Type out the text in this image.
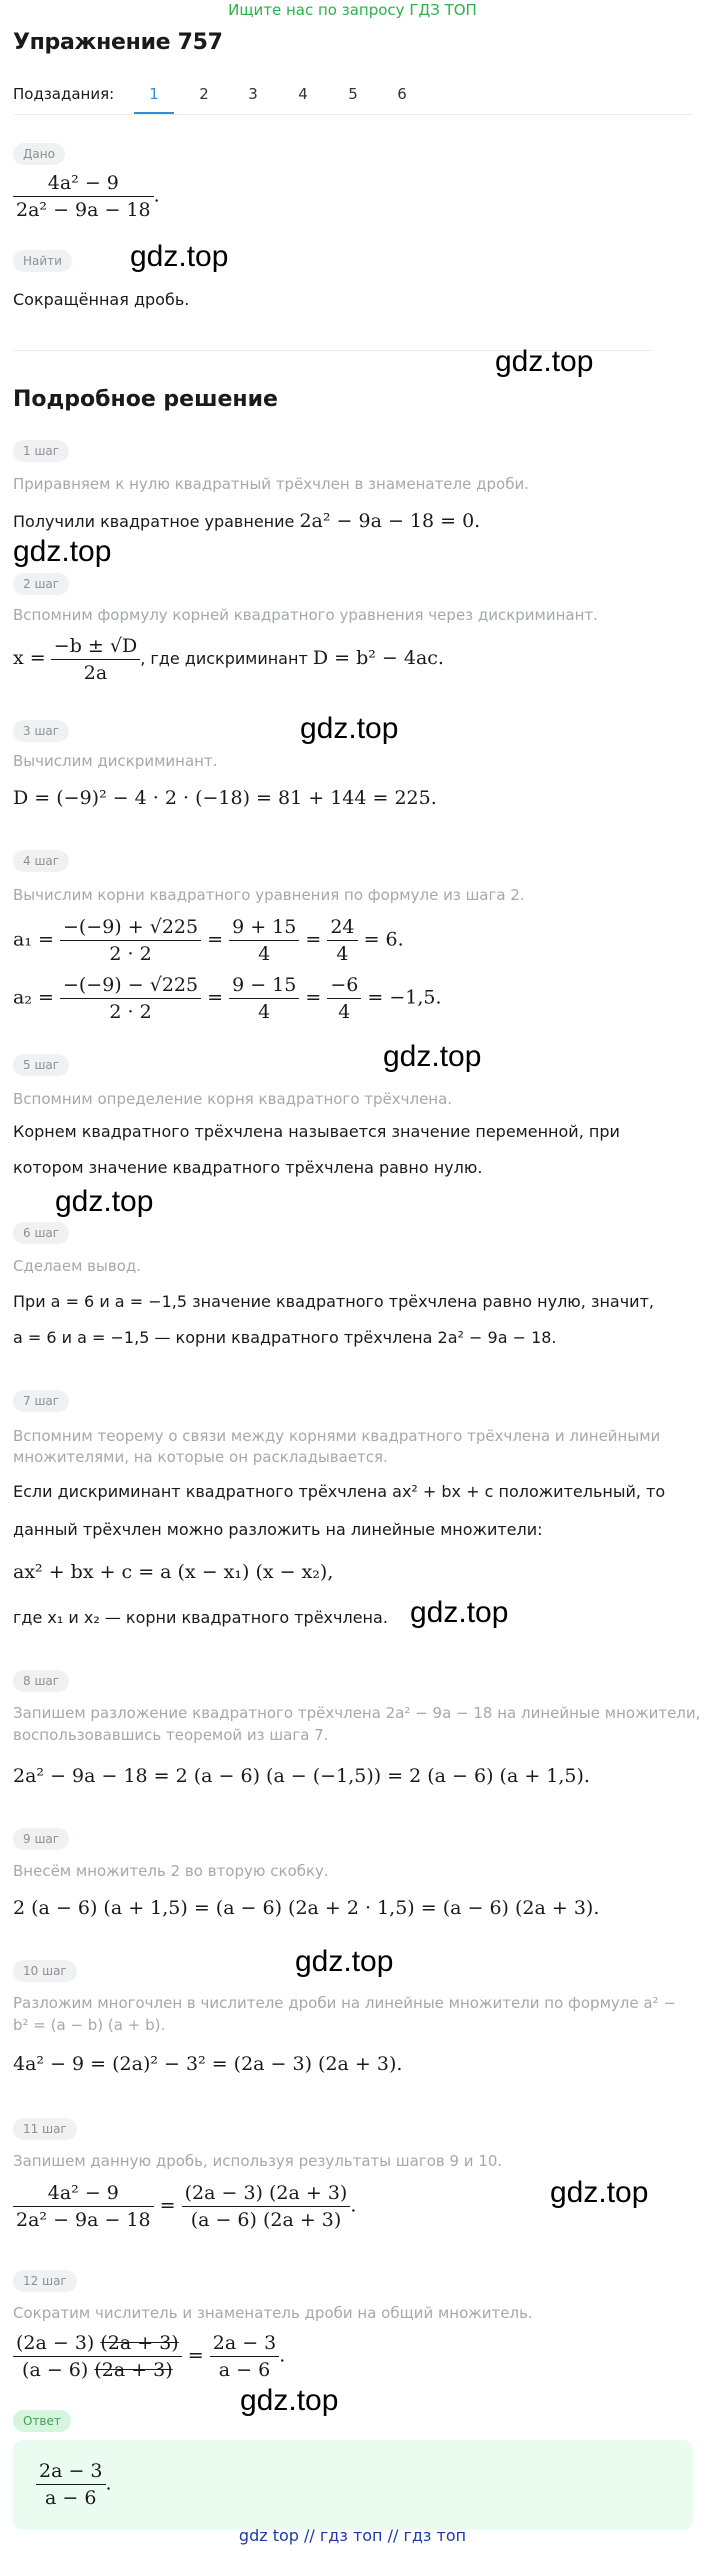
Ищите нас по запросу ГДЗ ТОП
Упражнение 757
Подзадания:	1	2	3	4	5	6
Дано
$\frac{\text{4a² − 9}}{\text{2a² − 9a − 18}}$ .
Найти	gdz.top
Сокращённая дробь.
gdz.top
Подробное решение
1 шаг
Приравняем к нулю квадратный трёхчлен в знаменателе дроби.
Получили квадратное уравнение 2a² − 9a − 18 = 0.
gdz.top
2 шаг
Вспомним формулу корней квадратного уравнения через дискриминант.
$x = \frac{-b \pm √D}{2a}$ , где дискриминант D = b² − 4ac.
3 шаг	gdz.top
Вычислим дискриминант.
D = (−9)² − 4 · 2 · (−18) = 81 + 144 = 225.
4 шаг
Вычислим корни квадратного уравнения по формуле из шага 2.
$a_1 = \frac{-(-9) + √225}{2 \cdot 2} = \frac{9 + 15}{4} = \frac{24}{4} = 6$.
$a_2 = \frac{-(-9) - √225}{2 \cdot 2} = \frac{9 - 15}{4} = \frac{-6}{4} = -1,5$.
5 шаг	gdz.top
Вспомним определение корня квадратного трёхчлена.
Корнем квадратного трёхчлена называется значение переменной, при
котором значение квадратного трёхчлена равно нулю.
gdz.top
6 шаг
Сделаем вывод.
При a = 6 и a = −1,5 значение квадратного трёхчлена равно нулю, значит,
a = 6 и a = −1,5 — корни квадратного трёхчлена 2a² − 9a − 18.
7 шаг
Вспомним теорему о связи между корнями квадратного трёхчлена и линейными
множителями, на которые он раскладывается.
Если дискриминант квадратного трёхчлена ax² + bx + c положительный, то
данный трёхчлен можно разложить на линейные множители:
ax² + bx + c = a (x − x₁) (x − x₂),
где x₁ и x₂ — корни квадратного трёхчлена. gdz.top
8 шаг
Запишем разложение квадратного трёхчлена 2a² − 9a − 18 на линейные множители,
воспользовавшись теоремой из шага 7.
2a² − 9a − 18 = 2 (a − 6) (a − (−1,5)) = 2 (a − 6) (a + 1,5).
9 шаг
Внесём множитель 2 во вторую скобку.
2 (a − 6) (a + 1,5) = (a − 6) (2a + 2 · 1,5) = (a − 6) (2a + 3).
gdz.top
10 шаг
Разложим многочлен в числителе дроби на линейные множители по формуле a² −
b² = (a − b) (a + b).
4a² − 9 = (2a)² − 3² = (2a − 3) (2a + 3).
11 шаг
Запишем данную дробь, используя результаты шагов 9 и 10.
$\frac{\text{4a² − 9}}{\text{2a² − 9a − 18}} = \frac{(2a - 3) (2a + 3)}{(a - 6) (2a + 3)}$ .	gdz.top
12 шаг
Сократим числитель и знаменатель дроби на общий множитель.
$\frac{(2a - 3) (2a + 3)}{(a - 6) (2a + 3)} = \frac{2a - 3}{a - 6}$ .
gdz.top
Ответ
$\frac{2a - 3}{a - 6}$ .
gdz top // гдз топ // гдз топ
